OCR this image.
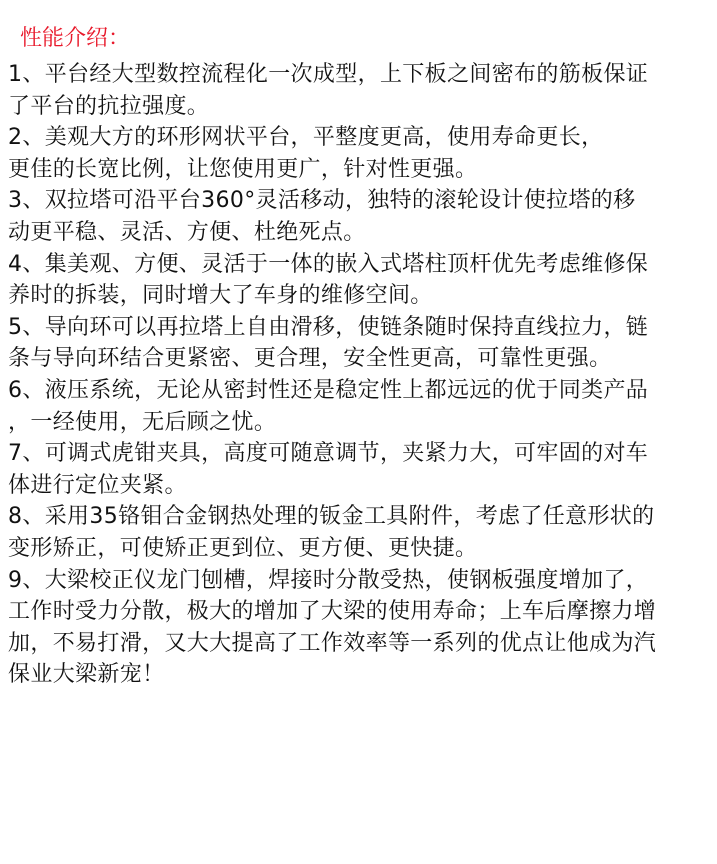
性能介绍：
1、平台经大型数控流程化一次成型，上下板之间密布的筋板保证
了平台的抗拉强度。
2、美观大方的环形网状平台，平整度更高，使用寿命更长，
更佳的长宽比例，让您使用更广，针对性更强。
3、双拉塔可沿平台360°灵活移动，独特的滚轮设计使拉塔的移
动更平稳、灵活、方便、杜绝死点。
4、集美观、方便、灵活于一体的嵌入式塔柱顶杆优先考虑维修保
养时的拆装，同时增大了车身的维修空间。
5、导向环可以再拉塔上自由滑移，使链条随时保持直线拉力，链
条与导向环结合更紧密、更合理，安全性更高，可靠性更强。
6、液压系统，无论从密封性还是稳定性上都远远的优于同类产品
，一经使用，无后顾之忧。
7、可调式虎钳夹具，高度可随意调节，夹紧力大，可牢固的对车
体进行定位夹紧。
8、采用35铬钼合金钢热处理的钣金工具附件，考虑了任意形状的
变形矫正，可使矫正更到位、更方便、更快捷。
9、大梁校正仪龙门刨槽，焊接时分散受热，使钢板强度增加了，
工作时受力分散，极大的增加了大梁的使用寿命；上车后摩擦力增
加，不易打滑，又大大提高了工作效率等一系列的优点让他成为汽
保业大梁新宠！
